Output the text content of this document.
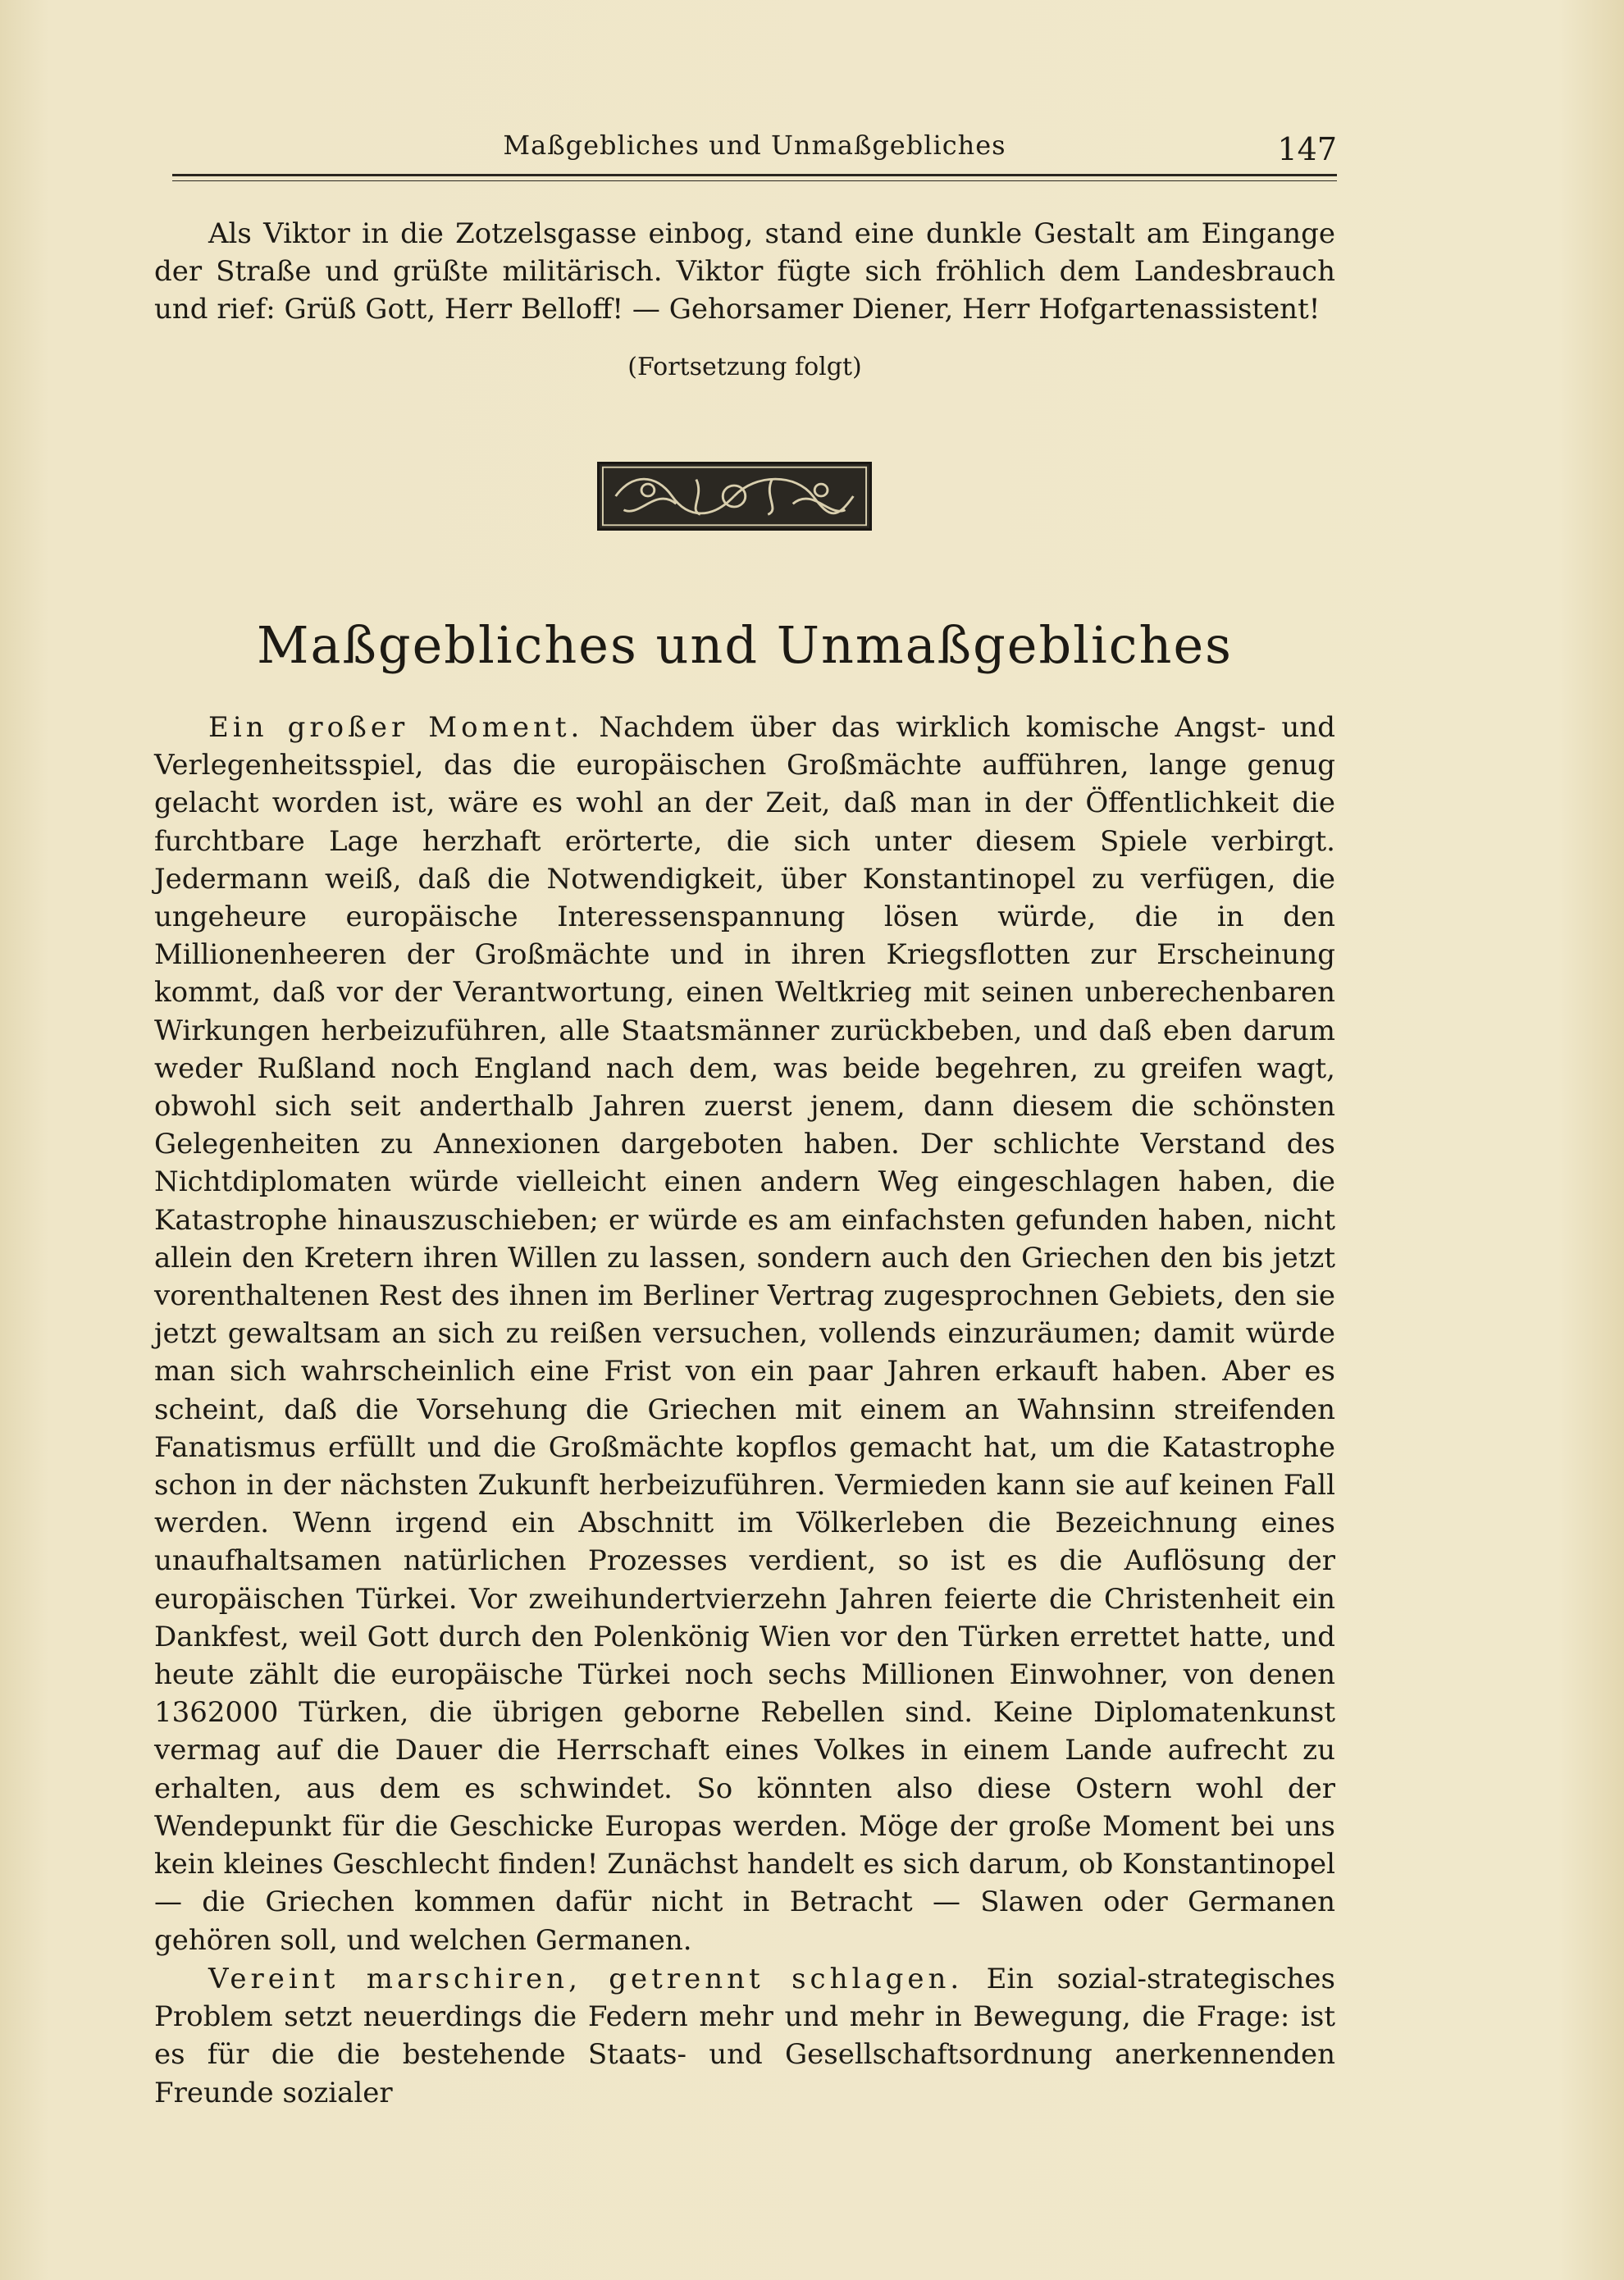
Maßgebliches und Unmaßgebliches	147

Als Viktor in die Zotzelsgasse einbog, stand eine dunkle Gestalt am Eingange der Straße und grüßte militärisch. Viktor fügte sich fröhlich dem Landesbrauch und rief: Grüß Gott, Herr Belloff! — Gehorsamer Diener, Herr Hofgartenassistent!

(Fortsetzung folgt)
Maßgebliches und Unmaßgebliches

Ein großer Moment. Nachdem über das wirklich komische Angst- und Verlegenheitsspiel, das die europäischen Großmächte aufführen, lange genug gelacht worden ist, wäre es wohl an der Zeit, daß man in der Öffentlichkeit die furchtbare Lage herzhaft erörterte, die sich unter diesem Spiele verbirgt. Jedermann weiß, daß die Notwendigkeit, über Konstantinopel zu verfügen, die ungeheure europäische Interessenspannung lösen würde, die in den Millionenheeren der Großmächte und in ihren Kriegsflotten zur Erscheinung kommt, daß vor der Verantwortung, einen Weltkrieg mit seinen unberechenbaren Wirkungen herbeizuführen, alle Staatsmänner zurückbeben, und daß eben darum weder Rußland noch England nach dem, was beide begehren, zu greifen wagt, obwohl sich seit anderthalb Jahren zuerst jenem, dann diesem die schönsten Gelegenheiten zu Annexionen dargeboten haben. Der schlichte Verstand des Nichtdiplomaten würde vielleicht einen andern Weg eingeschlagen haben, die Katastrophe hinauszuschieben; er würde es am einfachsten gefunden haben, nicht allein den Kretern ihren Willen zu lassen, sondern auch den Griechen den bis jetzt vorenthaltenen Rest des ihnen im Berliner Vertrag zugesprochnen Gebiets, den sie jetzt gewaltsam an sich zu reißen versuchen, vollends einzuräumen; damit würde man sich wahrscheinlich eine Frist von ein paar Jahren erkauft haben. Aber es scheint, daß die Vorsehung die Griechen mit einem an Wahnsinn streifenden Fanatismus erfüllt und die Großmächte kopflos gemacht hat, um die Katastrophe schon in der nächsten Zukunft herbeizuführen. Vermieden kann sie auf keinen Fall werden. Wenn irgend ein Abschnitt im Völkerleben die Bezeichnung eines unaufhaltsamen natürlichen Prozesses verdient, so ist es die Auflösung der europäischen Türkei. Vor zweihundertvierzehn Jahren feierte die Christenheit ein Dankfest, weil Gott durch den Polenkönig Wien vor den Türken errettet hatte, und heute zählt die europäische Türkei noch sechs Millionen Einwohner, von denen 1362000 Türken, die übrigen geborne Rebellen sind. Keine Diplomatenkunst vermag auf die Dauer die Herrschaft eines Volkes in einem Lande aufrecht zu erhalten, aus dem es schwindet. So könnten also diese Ostern wohl der Wendepunkt für die Geschicke Europas werden. Möge der große Moment bei uns kein kleines Geschlecht finden! Zunächst handelt es sich darum, ob Konstantinopel — die Griechen kommen dafür nicht in Betracht — Slawen oder Germanen gehören soll, und welchen Germanen.

Vereint marschiren, getrennt schlagen. Ein sozial-strategisches Problem setzt neuerdings die Federn mehr und mehr in Bewegung, die Frage: ist es für die die bestehende Staats- und Gesellschaftsordnung anerkennenden Freunde sozialer
